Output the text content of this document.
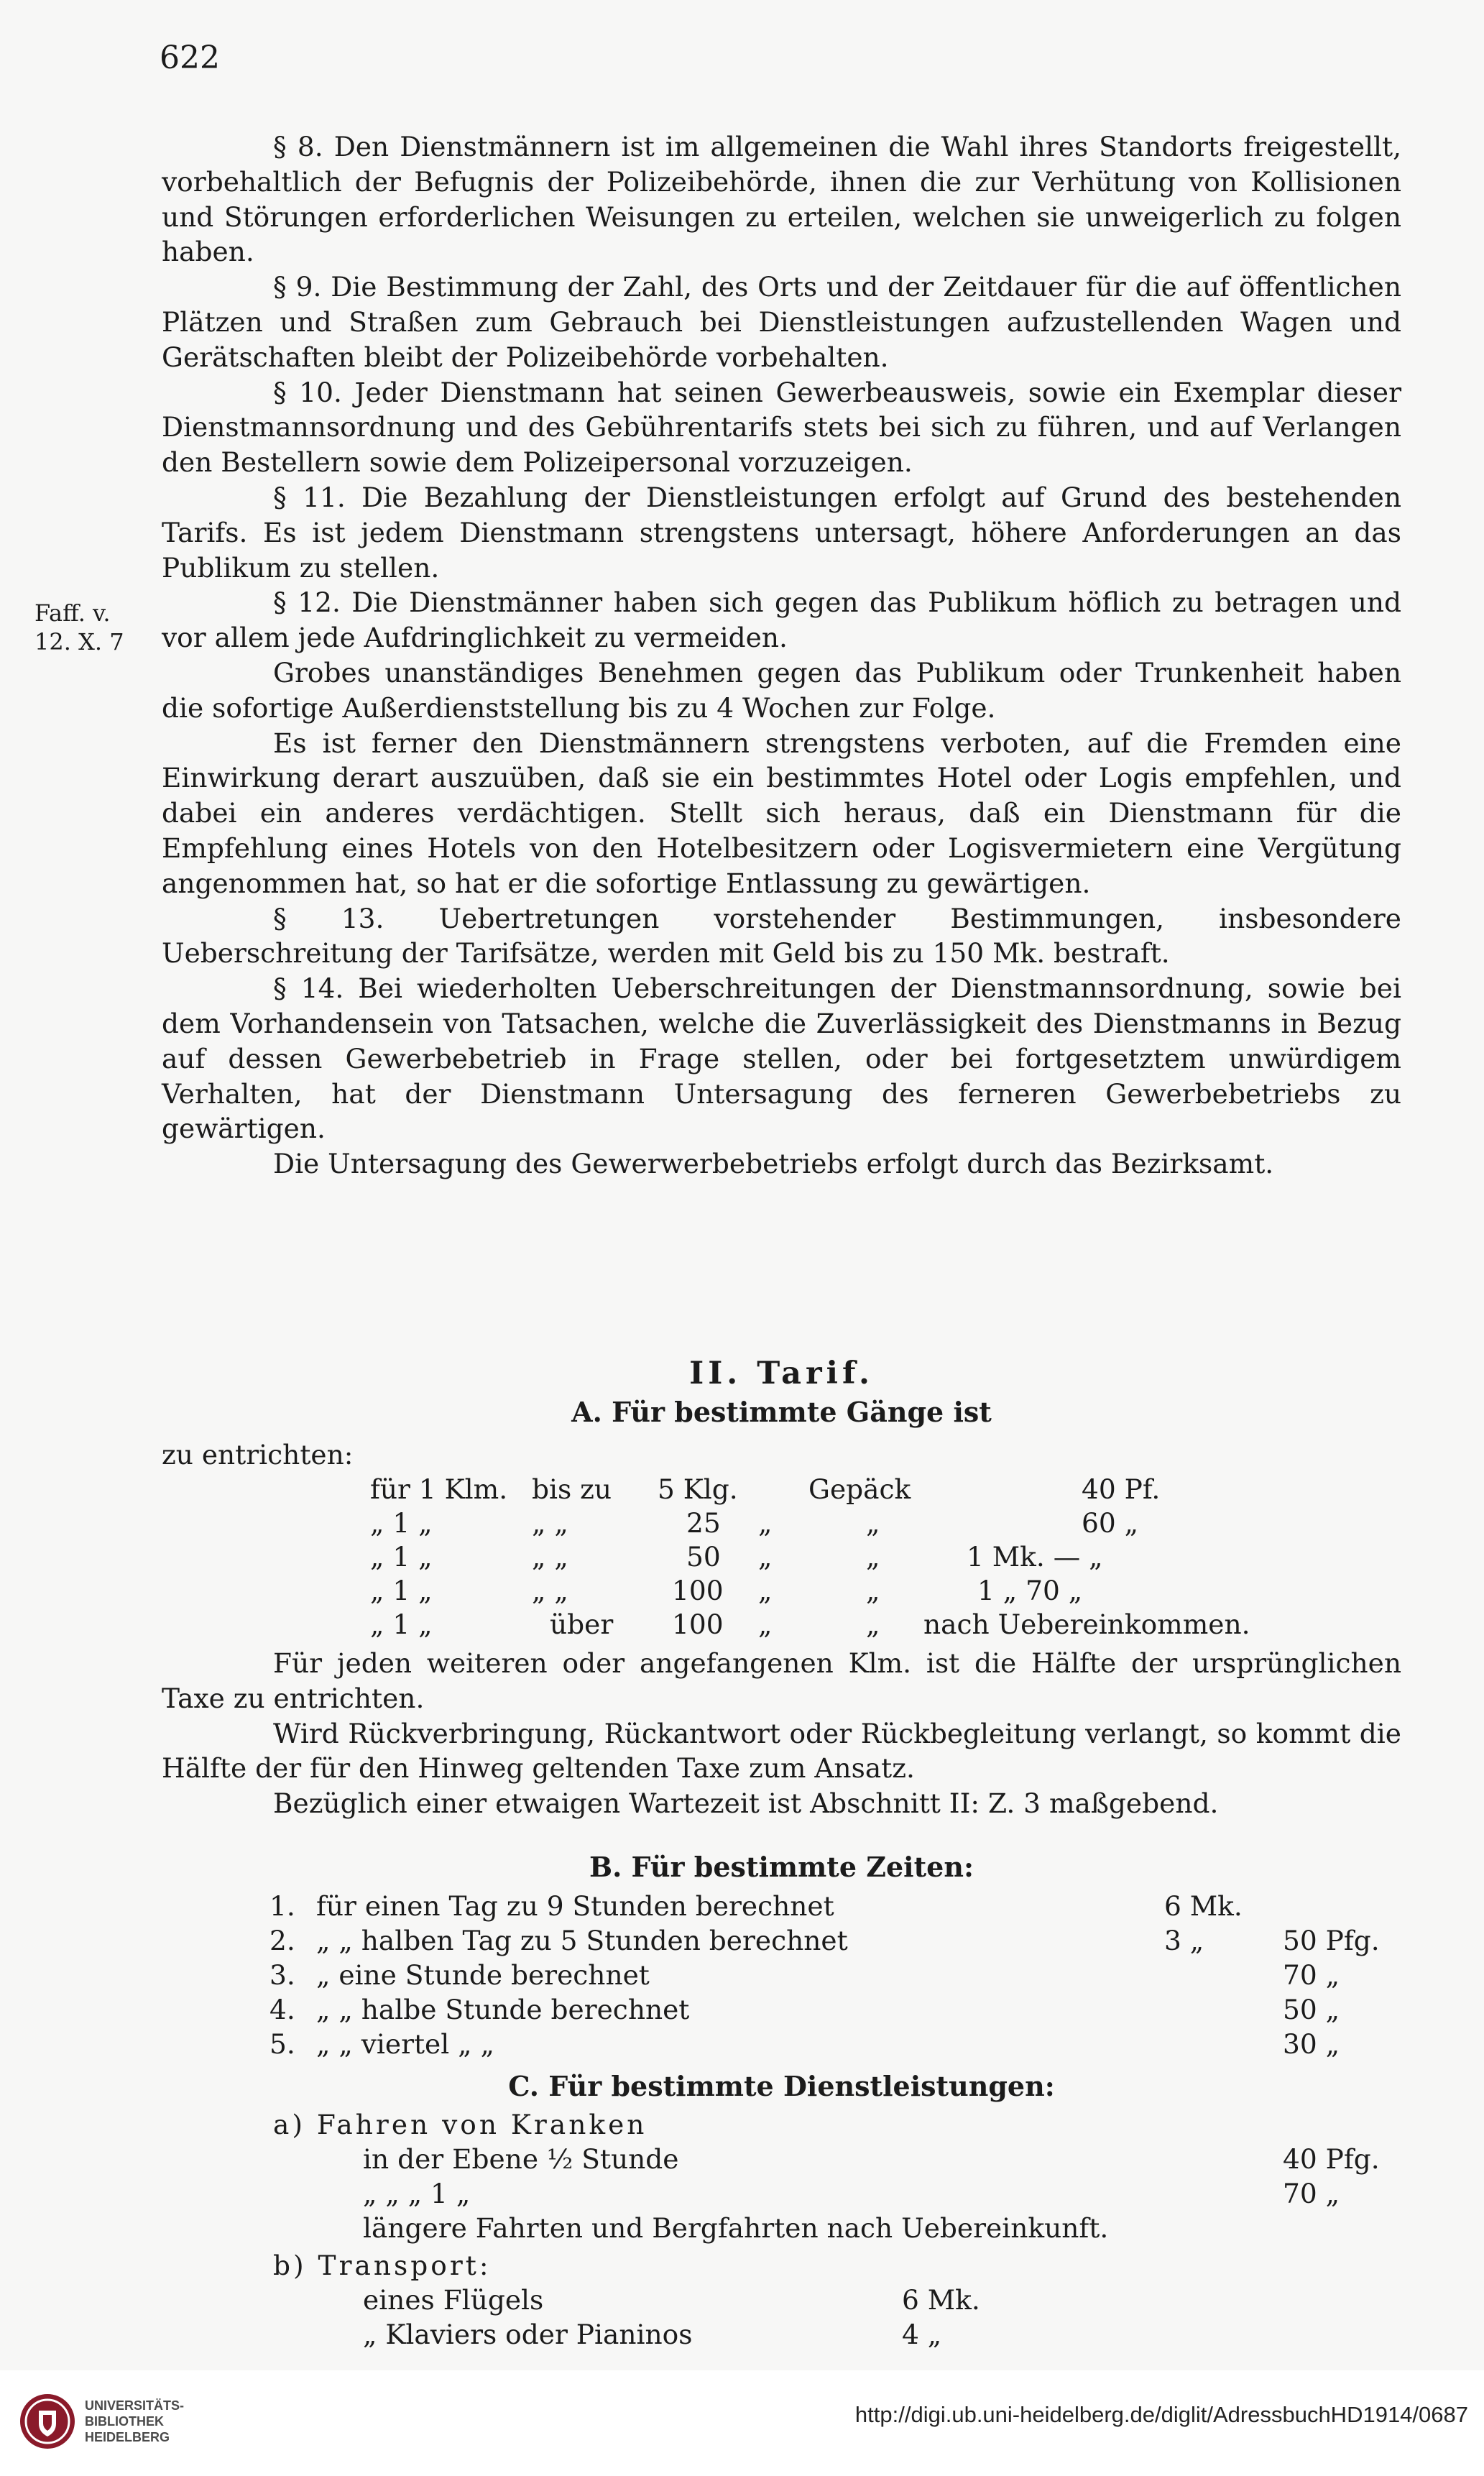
622
Faff. v.
12. X. 7

§ 8. Den Dienstmännern ist im allgemeinen die Wahl ihres Standorts freigestellt, vorbehaltlich der Befugnis der Polizeibehörde, ihnen die zur Verhütung von Kollisionen und Störungen erforderlichen Weisungen zu erteilen, welchen sie unweigerlich zu folgen haben.

§ 9. Die Bestimmung der Zahl, des Orts und der Zeitdauer für die auf öffentlichen Plätzen und Straßen zum Gebrauch bei Dienstleistungen aufzustellenden Wagen und Gerätschaften bleibt der Polizeibehörde vorbehalten.

§ 10. Jeder Dienstmann hat seinen Gewerbeausweis, sowie ein Exemplar dieser Dienstmannsordnung und des Gebührentarifs stets bei sich zu führen, und auf Verlangen den Bestellern sowie dem Polizeipersonal vorzuzeigen.

§ 11. Die Bezahlung der Dienstleistungen erfolgt auf Grund des bestehenden Tarifs. Es ist jedem Dienstmann strengstens untersagt, höhere Anforderungen an das Publikum zu stellen.

§ 12. Die Dienstmänner haben sich gegen das Publikum höflich zu betragen und vor allem jede Aufdringlichkeit zu vermeiden.

Grobes unanständiges Benehmen gegen das Publikum oder Trunkenheit haben die sofortige Außerdienststellung bis zu 4 Wochen zur Folge.

Es ist ferner den Dienstmännern strengstens verboten, auf die Fremden eine Einwirkung derart auszuüben, daß sie ein bestimmtes Hotel oder Logis empfehlen, und dabei ein anderes verdächtigen. Stellt sich heraus, daß ein Dienstmann für die Empfehlung eines Hotels von den Hotelbesitzern oder Logisvermietern eine Vergütung angenommen hat, so hat er die sofortige Entlassung zu gewärtigen.

§ 13. Uebertretungen vorstehender Bestimmungen, insbesondere Ueberschreitung der Tarifsätze, werden mit Geld bis zu 150 Mk. bestraft.

§ 14. Bei wiederholten Ueberschreitungen der Dienstmannsordnung, sowie bei dem Vorhandensein von Tatsachen, welche die Zuverlässigkeit des Dienstmanns in Bezug auf dessen Gewerbebetrieb in Frage stellen, oder bei fortgesetztem unwürdigem Verhalten, hat der Dienstmann Untersagung des ferneren Gewerbebetriebs zu gewärtigen.

Die Untersagung des Gewerwerbebetriebs erfolgt durch das Bezirksamt.

II. Tarif.
A. Für bestimmte Gänge ist
zu entrichten:
für 1 Klm. bis zu 5 Klg.	Gepäck	40 Pf.
„ 1 „	„ „	25 „	„	60 „
„ 1 „	„ „	50 „	„	1 Mk. — „
„ 1 „	„ „	100 „	„	1 „ 70 „
„ 1 „	über 100 „	„ nach Uebereinkommen.

Für jeden weiteren oder angefangenen Klm. ist die Hälfte der ursprünglichen Taxe zu entrichten.

Wird Rückverbringung, Rückantwort oder Rückbegleitung verlangt, so kommt die Hälfte der für den Hinweg geltenden Taxe zum Ansatz.

Bezüglich einer etwaigen Wartezeit ist Abschnitt II: Z. 3 maßgebend.

B. Für bestimmte Zeiten:
1. für einen Tag zu 9 Stunden berechnet	6 Mk.
2. „ „ halben Tag zu 5 Stunden berechnet	3 „	50 Pfg.
3. „ eine Stunde berechnet	70 „
4. „ „ halbe Stunde berechnet	50 „
5. „ „ viertel „ „	30 „
C. Für bestimmte Dienstleistungen:
a) Fahren von Kranken
in der Ebene ½ Stunde	40 Pfg.
„ „ „ 1 „	70 „
längere Fahrten und Bergfahrten nach Uebereinkunft.
b) Transport:
eines Flügels	6 Mk.
„ Klaviers oder Pianinos	4 „
UNIVERSITÄTS-
BIBLIOTHEK
HEIDELBERG
http://digi.ub.uni-heidelberg.de/diglit/AdressbuchHD1914/0687
